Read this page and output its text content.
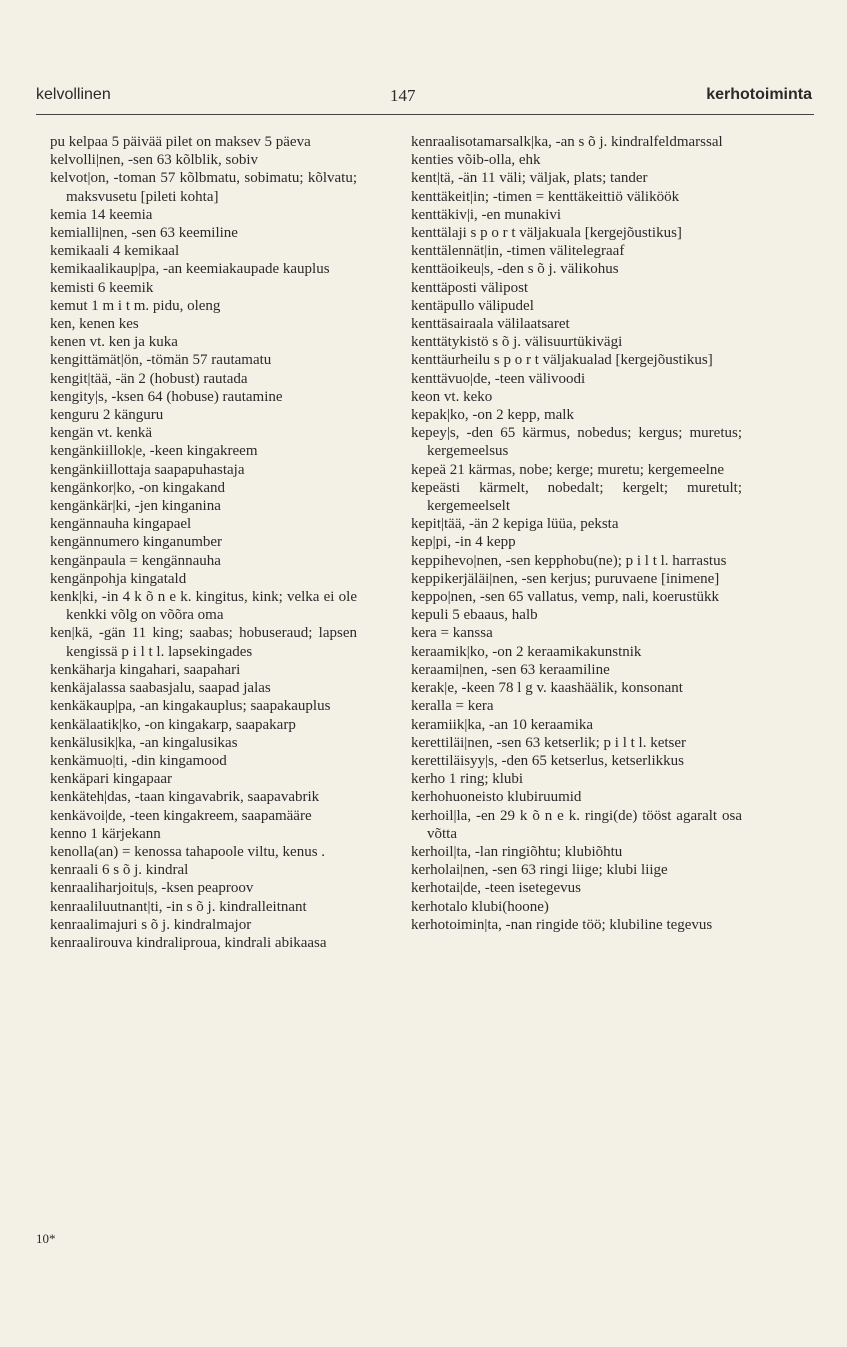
kelvollinen	147	kerhotoiminta

pu kelpaa 5 päivää pilet on maksev 5 päeva

kelvolli|nen, -sen 63 kõlblik, sobiv

kelvot|on, -toman 57 kõlbmatu, sobimatu; kõlvatu; maksvusetu [pileti kohta]

kemia 14 keemia

kemialli|nen, -sen 63 keemiline

kemikaali 4 kemikaal

kemikaalikaup|pa, -an keemiakaupade kauplus

kemisti 6 keemik

kemut 1 m i t m. pidu, oleng

ken, kenen kes

kenen vt. ken ja kuka

kengittämät|ön, -tömän 57 rautamatu

kengit|tää, -än 2 (hobust) rautada

kengity|s, -ksen 64 (hobuse) rautamine

kenguru 2 känguru

kengän vt. kenkä

kengänkiillok|e, -keen kingakreem

kengänkiillottaja saapapuhastaja

kengänkor|ko, -on kingakand

kengänkär|ki, -jen kinganina

kengännauha kingapael

kengännumero kinganumber

kengänpaula = kengännauha

kengänpohja kingatald

kenk|ki, -in 4 k õ n e k. kingitus, kink; velka ei ole kenkki võlg on võõra oma

ken|kä, -gän 11 king; saabas; hobuseraud; lapsen kengissä p i l t l. lapsekingades

kenkäharja kingahari, saapahari

kenkäjalassa saabasjalu, saapad jalas

kenkäkaup|pa, -an kingakauplus; saapakauplus

kenkälaatik|ko, -on kingakarp, saapakarp

kenkälusik|ka, -an kingalusikas

kenkämuo|ti, -din kingamood

kenkäpari kingapaar

kenkäteh|das, -taan kingavabrik, saapavabrik

kenkävoi|de, -teen kingakreem, saapamääre

kenno 1 kärjekann

kenolla(an) = kenossa tahapoole viltu, kenus .

kenraali 6 s õ j. kindral

kenraaliharjoitu|s, -ksen peaproov

kenraaliluutnant|ti, -in s õ j. kindralleitnant

kenraalimajuri s õ j. kindralmajor

kenraalirouva kindraliproua, kindrali abikaasa

kenraalisotamarsalk|ka, -an s õ j. kindralfeldmarssal

kenties võib-olla, ehk

kent|tä, -än 11 väli; väljak, plats; tander

kenttäkeit|in; -timen = kenttäkeittiö väliköök

kenttäkiv|i, -en munakivi

kenttälaji s p o r t väljakuala [kergejõustikus]

kenttälennät|in, -timen välitelegraaf

kenttäoikeu|s, -den s õ j. välikohus

kenttäposti välipost

kentäpullo välipudel

kenttäsairaala välilaatsaret

kenttätykistö s õ j. välisuurtükivägi

kenttäurheilu s p o r t väljakualad [kergejõustikus]

kenttävuo|de, -teen välivoodi

keon vt. keko

kepak|ko, -on 2 kepp, malk

kepey|s, -den 65 kärmus, nobedus; kergus; muretus; kergemeelsus

kepeä 21 kärmas, nobe; kerge; muretu; kergemeelne

kepeästi kärmelt, nobedalt; kergelt; muretult; kergemeelselt

kepit|tää, -än 2 kepiga lüüa, peksta

kep|pi, -in 4 kepp

keppihevo|nen, -sen kepphobu(ne); p i l t l. harrastus

keppikerjäläi|nen, -sen kerjus; puruvaene [inimene]

keppo|nen, -sen 65 vallatus, vemp, nali, koerustükk

kepuli 5 ebaaus, halb

kera = kanssa

keraamik|ko, -on 2 keraamikakunstnik

keraami|nen, -sen 63 keraamiline

kerak|e, -keen 78 l g v. kaashäälik, konsonant

keralla = kera

keramiik|ka, -an 10 keraamika

kerettiläi|nen, -sen 63 ketserlik; p i l t l. ketser

kerettiläisyy|s, -den 65 ketserlus, ketserlikkus

kerho 1 ring; klubi

kerhohuoneisto klubiruumid

kerhoil|la, -en 29 k õ n e k. ringi(de) tööst agaralt osa võtta

kerhoil|ta, -lan ringiõhtu; klubiõhtu

kerholai|nen, -sen 63 ringi liige; klubi liige

kerhotai|de, -teen isetegevus

kerhotalo klubi(hoone)

kerhotoimin|ta, -nan ringide töö; klubiline tegevus

10*
